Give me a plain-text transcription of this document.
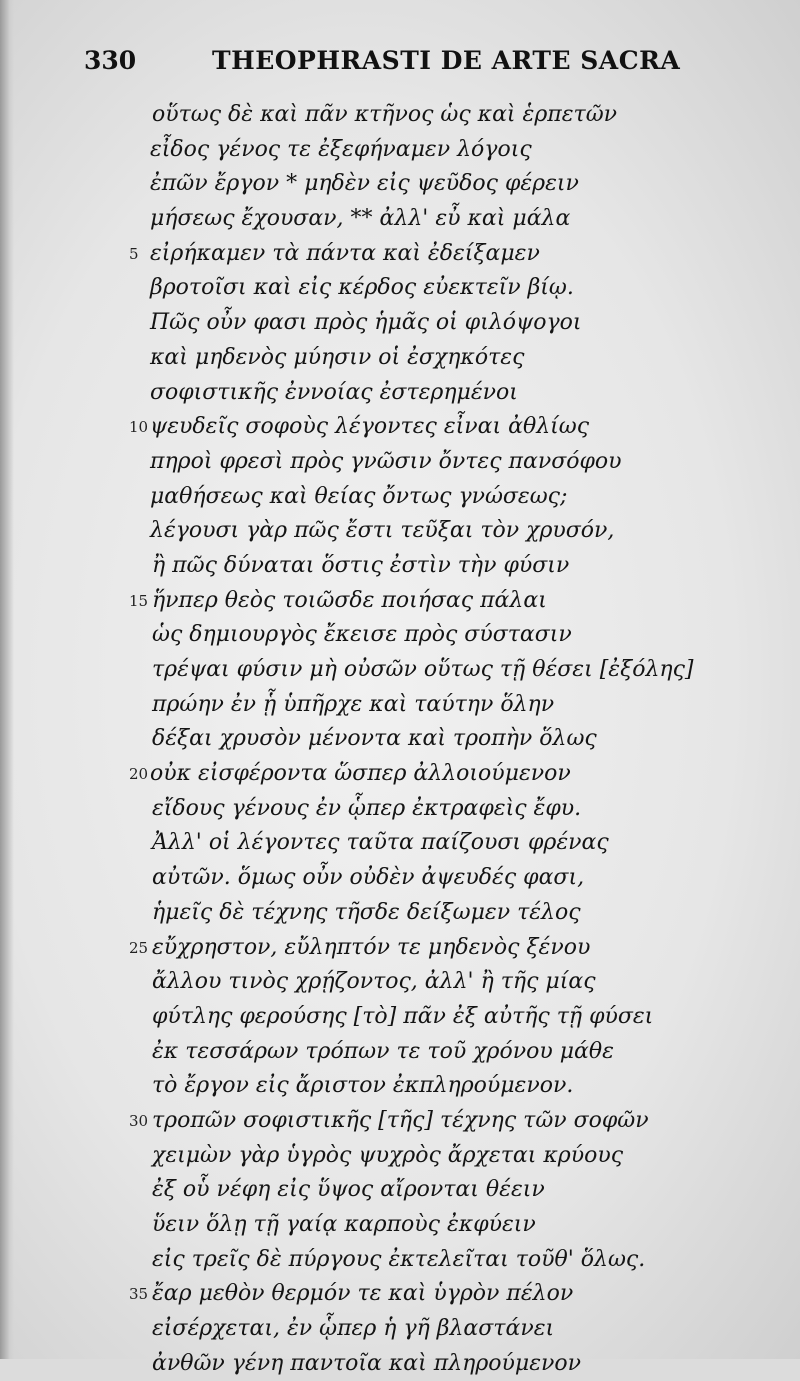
330	THEOPHRASTI DE ARTE SACRA
οὕτως δὲ καὶ πᾶν κτῆνος ὡς καὶ ἑρπετῶν
εἶδος γένος τε ἐξεφήναμεν λόγοις
ἐπῶν ἔργον * μηδὲν εἰς ψεῦδος φέρειν
μήσεως ἔχουσαν, ** ἀλλ' εὖ καὶ μάλα
5 εἰρήκαμεν τὰ πάντα καὶ ἐδείξαμεν
βροτοῖσι καὶ εἰς κέρδος εὐεκτεῖν βίῳ.
Πῶς οὖν φασι πρὸς ἡμᾶς οἱ φιλόψογοι
καὶ μηδενὸς μύησιν οἱ ἐσχηκότες
σοφιστικῆς ἐννοίας ἐστερημένοι
10 ψευδεῖς σοφοὺς λέγοντες εἶναι ἀθλίως
πηροὶ φρεσὶ πρὸς γνῶσιν ὄντες πανσόφου
μαθήσεως καὶ θείας ὄντως γνώσεως;
λέγουσι γὰρ πῶς ἔστι τεῦξαι τὸν χρυσόν,
ἢ πῶς δύναται ὅστις ἐστὶν τὴν φύσιν
15 ἥνπερ θεὸς τοιῶσδε ποιήσας πάλαι
ὡς δημιουργὸς ἔκεισε πρὸς σύστασιν
τρέψαι φύσιν μὴ οὐσῶν οὕτως τῇ θέσει [ἐξόλης]
πρώην ἐν ᾗ ὑπῆρχε καὶ ταύτην ὅλην
δέξαι χρυσὸν μένοντα καὶ τροπὴν ὅλως
20 οὐκ εἰσφέροντα ὥσπερ ἀλλοιούμενον
εἴδους γένους ἐν ᾧπερ ἐκτραφεὶς ἔφυ.
Ἀλλ' οἱ λέγοντες ταῦτα παίζουσι φρένας
αὐτῶν. ὅμως οὖν οὐδὲν ἀψευδές φασι,
ἡμεῖς δὲ τέχνης τῆσδε δείξωμεν τέλος
25 εὔχρηστον, εὔληπτόν τε μηδενὸς ξένου
ἄλλου τινὸς χρῄζοντος, ἀλλ' ἢ τῆς μίας
φύτλης φερούσης [τὸ] πᾶν ἐξ αὐτῆς τῇ φύσει
ἐκ τεσσάρων τρόπων τε τοῦ χρόνου μάθε
τὸ ἔργον εἰς ἄριστον ἐκπληρούμενον.
30 τροπῶν σοφιστικῆς [τῆς] τέχνης τῶν σοφῶν
χειμὼν γὰρ ὑγρὸς ψυχρὸς ἄρχεται κρύους
ἐξ οὗ νέφη εἰς ὕψος αἴρονται θέειν
ὕειν ὅλῃ τῇ γαίᾳ καρποὺς ἐκφύειν
εἰς τρεῖς δὲ πύργους ἐκτελεῖται τοῦθ' ὅλως.
35 ἔαρ μεθὸν θερμόν τε καὶ ὑγρὸν πέλον
εἰσέρχεται, ἐν ᾧπερ ἡ γῆ βλαστάνει
ἀνθῶν γένη παντοῖα καὶ πληρούμενον
